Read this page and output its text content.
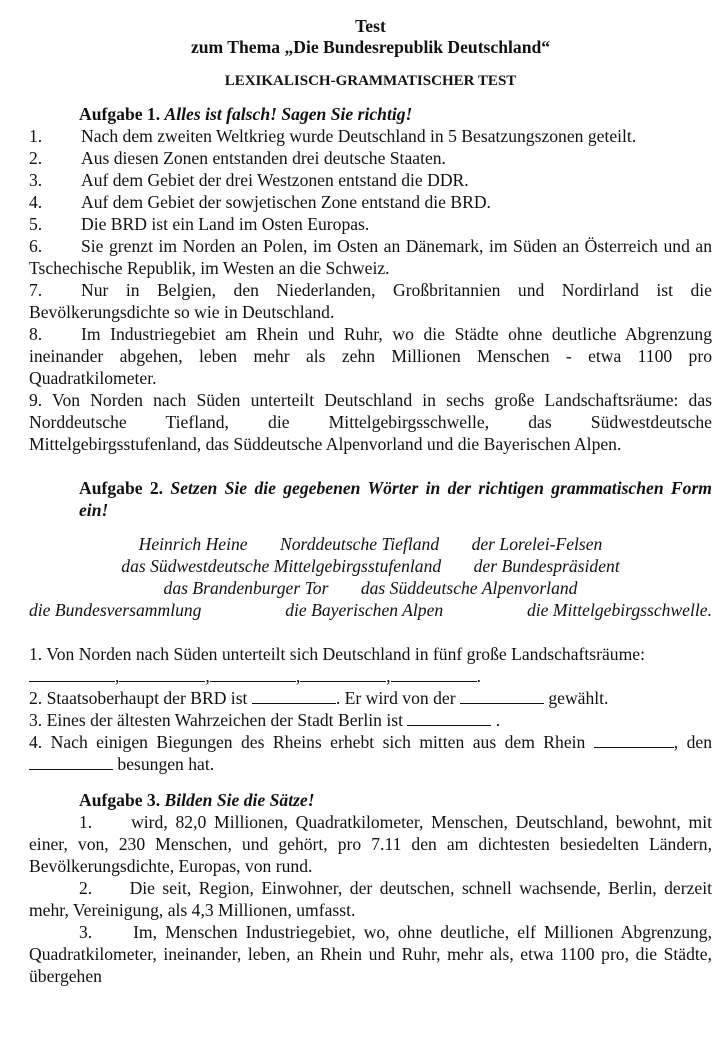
Test
zum Thema „Die Bundesrepublik Deutschland“
LEXIKALISCH-GRAMMATISCHER TEST
Aufgabe 1. Alles ist falsch! Sagen Sie richtig!
1.	Nach dem zweiten Weltkrieg wurde Deutschland in 5 Besatzungszonen geteilt.
2.	Aus diesen Zonen entstanden drei deutsche Staaten.
3.	Auf dem Gebiet der drei Westzonen entstand die DDR.
4.	Auf dem Gebiet der sowjetischen Zone entstand die BRD.
5.	Die BRD ist ein Land im Osten Europas.
6. Sie grenzt im Norden an Polen, im Osten an Dänemark, im Süden an Österreich und an Tschechische Republik, im Westen an die Schweiz.
7. Nur in Belgien, den Niederlanden, Großbritannien und Nordirland ist die Bevölkerungsdichte so wie in Deutschland.
8. Im Industriegebiet am Rhein und Ruhr, wo die Städte ohne deutliche Abgrenzung ineinander abgehen, leben mehr als zehn Millionen Menschen - etwa 1100 pro Quadratkilometer.
9. Von Norden nach Süden unterteilt Deutschland in sechs große Landschaftsräume: das Norddeutsche Tiefland, die Mittelgebirgsschwelle, das Südwestdeutsche Mittelgebirgsstufenland, das Süddeutsche Alpenvorland und die Bayerischen Alpen.
Aufgabe 2. Setzen Sie die gegebenen Wörter in der richtigen grammatischen Form ein!
Heinrich Heine Norddeutsche Tiefland der Lorelei-Felsen
das Südwestdeutsche Mittelgebirgsstufenland der Bundespräsident
das Brandenburger Tor das Süddeutsche Alpenvorland
die Bundesversammlung	die Bayerischen Alpen	die Mittelgebirgsschwelle.
1. Von Norden nach Süden unterteilt sich Deutschland in fünf große Landschaftsräume:
,	,	,	,	.
2. Staatsoberhaupt der BRD ist	. Er wird von der	gewählt.
3. Eines der ältesten Wahrzeichen der Stadt Berlin ist	.
4. Nach einigen Biegungen des Rheins erhebt sich mitten aus dem Rhein	, den  besungen hat.
Aufgabe 3. Bilden Sie die Sätze!
1. wird, 82,0 Millionen, Quadratkilometer, Menschen, Deutschland, bewohnt, mit einer, von, 230 Menschen, und gehört, pro 7.11 den am dichtesten besiedelten Ländern, Bevölkerungsdichte, Europas, von rund.
2. Die seit, Region, Einwohner, der deutschen, schnell wachsende, Berlin, derzeit mehr, Vereinigung, als 4,3 Millionen, umfasst.
3. Im, Menschen Industriegebiet, wo, ohne deutliche, elf Millionen Abgrenzung, Quadratkilometer, ineinander, leben, an Rhein und Ruhr, mehr als, etwa 1100 pro, die Städte, übergehen
